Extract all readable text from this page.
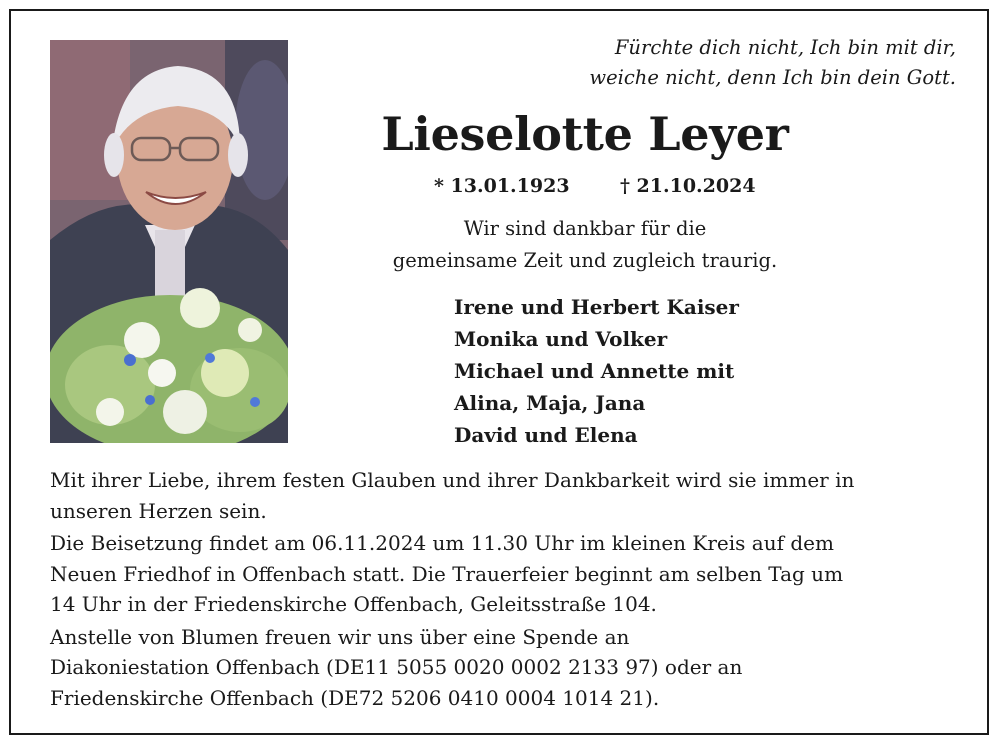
Fürchte dich nicht, Ich bin mit dir,
weiche nicht, denn Ich bin dein Gott.
Lieselotte Leyer
* 13.01.1923	† 21.10.2024
Wir sind dankbar für die
gemeinsame Zeit und zugleich traurig.
Irene und Herbert Kaiser
Monika und Volker
Michael und Annette mit
Alina, Maja, Jana
David und Elena

Mit ihrer Liebe, ihrem festen Glauben und ihrer Dankbarkeit wird sie immer in
unseren Herzen sein.

Die Beisetzung findet am 06.11.2024 um 11.30 Uhr im kleinen Kreis auf dem
Neuen Friedhof in Offenbach statt. Die Trauerfeier beginnt am selben Tag um
14 Uhr in der Friedenskirche Offenbach, Geleitsstraße 104.

Anstelle von Blumen freuen wir uns über eine Spende an
Diakoniestation Offenbach (DE11 5055 0020 0002 2133 97) oder an
Friedenskirche Offenbach (DE72 5206 0410 0004 1014 21).
